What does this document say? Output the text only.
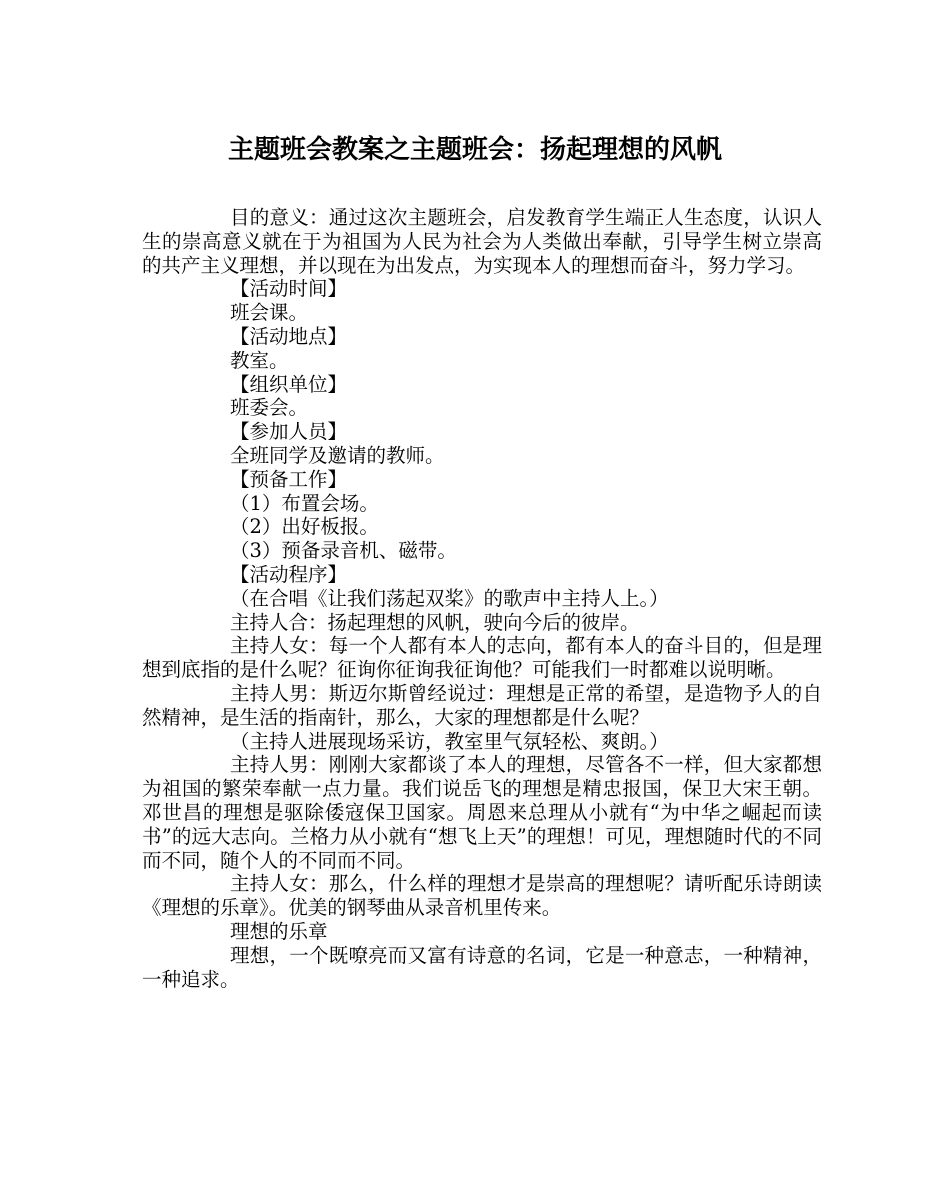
主题班会教案之主题班会：扬起理想的风帆

目的意义：通过这次主题班会，启发教育学生端正人生态度，认识人生的崇高意义就在于为祖国为人民为社会为人类做出奉献，引导学生树立崇高的共产主义理想，并以现在为出发点，为实现本人的理想而奋斗，努力学习。

【活动时间】

班会课。

【活动地点】

教室。

【组织单位】

班委会。

【参加人员】

全班同学及邀请的教师。

【预备工作】

（1）布置会场。

（2）出好板报。

（3）预备录音机、磁带。

【活动程序】

（在合唱《让我们荡起双桨》的歌声中主持人上。）

主持人合：扬起理想的风帆，驶向今后的彼岸。

主持人女：每一个人都有本人的志向，都有本人的奋斗目的，但是理想到底指的是什么呢？征询你征询我征询他？可能我们一时都难以说明晰。

主持人男：斯迈尔斯曾经说过：理想是正常的希望，是造物予人的自然精神，是生活的指南针，那么，大家的理想都是什么呢？

（主持人进展现场采访，教室里气氛轻松、爽朗。）

主持人男：刚刚大家都谈了本人的理想，尽管各不一样，但大家都想为祖国的繁荣奉献一点力量。我们说岳飞的理想是精忠报国，保卫大宋王朝。邓世昌的理想是驱除倭寇保卫国家。周恩来总理从小就有“为中华之崛起而读书”的远大志向。兰格力从小就有“想飞上天”的理想！可见，理想随时代的不同而不同，随个人的不同而不同。

主持人女：那么，什么样的理想才是崇高的理想呢？请听配乐诗朗读《理想的乐章》。优美的钢琴曲从录音机里传来。

理想的乐章

理想，一个既嘹亮而又富有诗意的名词，它是一种意志，一种精神，一种追求。
